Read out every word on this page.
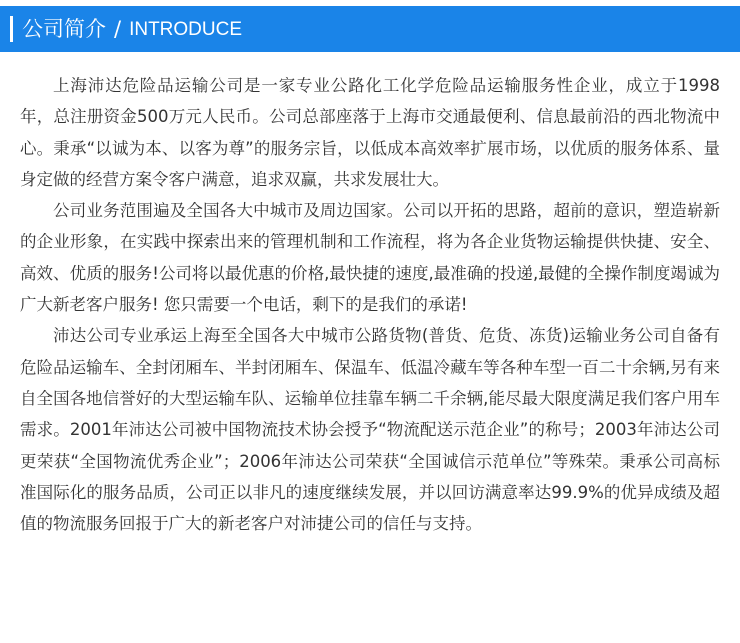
公司简介 / INTRODUCE

上海沛达危险品运输公司是一家专业公路化工化学危险品运输服务性企业，成立于1998年，总注册资金500万元人民币。公司总部座落于上海市交通最便利、信息最前沿的西北物流中心。秉承“以诚为本、以客为尊”的服务宗旨，以低成本高效率扩展市场，以优质的服务体系、量身定做的经营方案令客户满意，追求双赢，共求发展壮大。

公司业务范围遍及全国各大中城市及周边国家。公司以开拓的思路，超前的意识，塑造崭新的企业形象，在实践中探索出来的管理机制和工作流程，将为各企业货物运输提供快捷、安全、高效、优质的服务!公司将以最优惠的价格,最快捷的速度,最准确的投递,最健的全操作制度竭诚为广大新老客户服务! 您只需要一个电话，剩下的是我们的承诺!

沛达公司专业承运上海至全国各大中城市公路货物(普货、危货、冻货)运输业务公司自备有危险品运输车、全封闭厢车、半封闭厢车、保温车、低温冷藏车等各种车型一百二十余辆,另有来自全国各地信誉好的大型运输车队、运输单位挂靠车辆二千余辆,能尽最大限度满足我们客户用车需求。2001年沛达公司被中国物流技术协会授予“物流配送示范企业”的称号；2003年沛达公司更荣获“全国物流优秀企业”；2006年沛达公司荣获“全国诚信示范单位”等殊荣。秉承公司高标准国际化的服务品质，公司正以非凡的速度继续发展，并以回访满意率达99.9%的优异成绩及超值的物流服务回报于广大的新老客户对沛捷公司的信任与支持。
